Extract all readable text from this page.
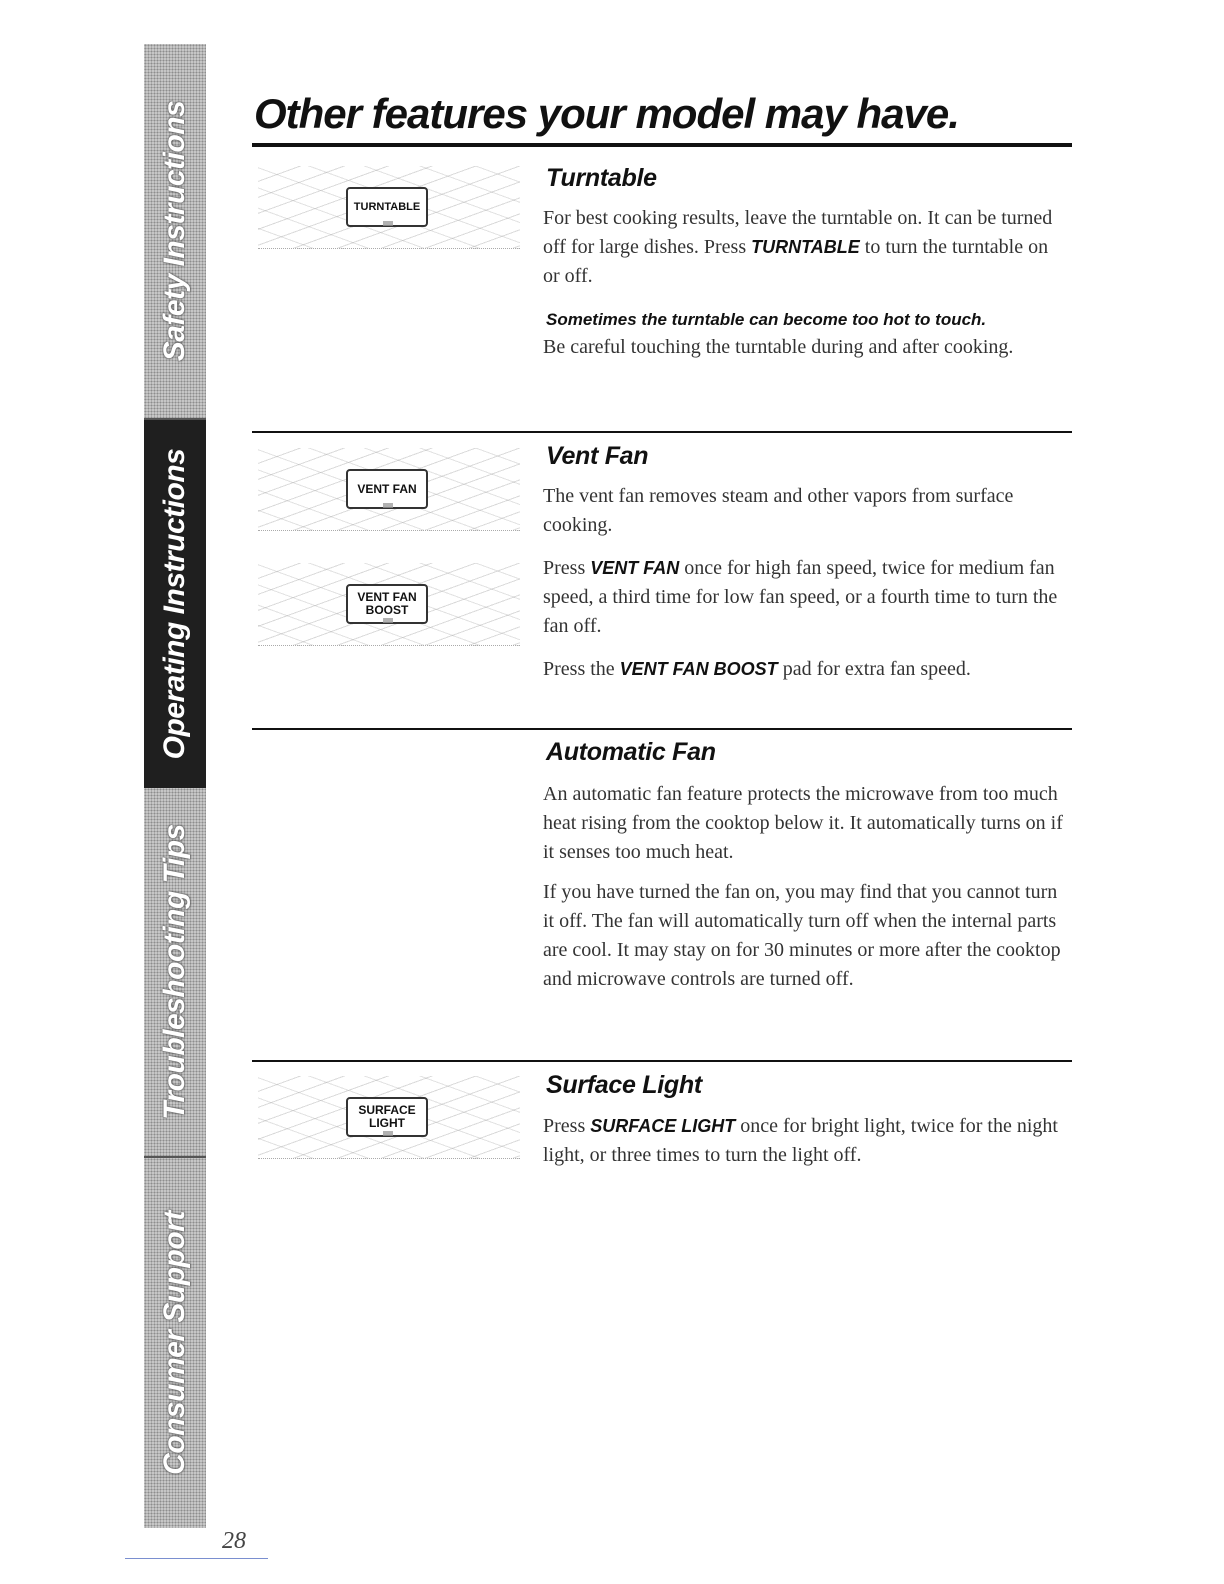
Safety Instructions
Operating Instructions
Troubleshooting Tips
Consumer Support
28
Other features your model may have.
TURNTABLE
Turntable

For best cooking results, leave the turntable on. It can be turned off for large dishes. Press TURNTABLE to turn the turntable on or off.

Sometimes the turntable can become too hot to touch.

Be careful touching the turntable during and after cooking.

VENT FAN
VENT FAN
BOOST
Vent Fan

The vent fan removes steam and other vapors from surface cooking.

Press VENT FAN once for high fan speed, twice for medium fan speed, a third time for low fan speed, or a fourth time to turn the fan off.

Press the VENT FAN BOOST pad for extra fan speed.

Automatic Fan

An automatic fan feature protects the microwave from too much heat rising from the cooktop below it. It automatically turns on if it senses too much heat.

If you have turned the fan on, you may find that you cannot turn it off. The fan will automatically turn off when the internal parts are cool. It may stay on for 30 minutes or more after the cooktop and microwave controls are turned off.

SURFACE
LIGHT
Surface Light

Press SURFACE LIGHT once for bright light, twice for the night light, or three times to turn the light off.
